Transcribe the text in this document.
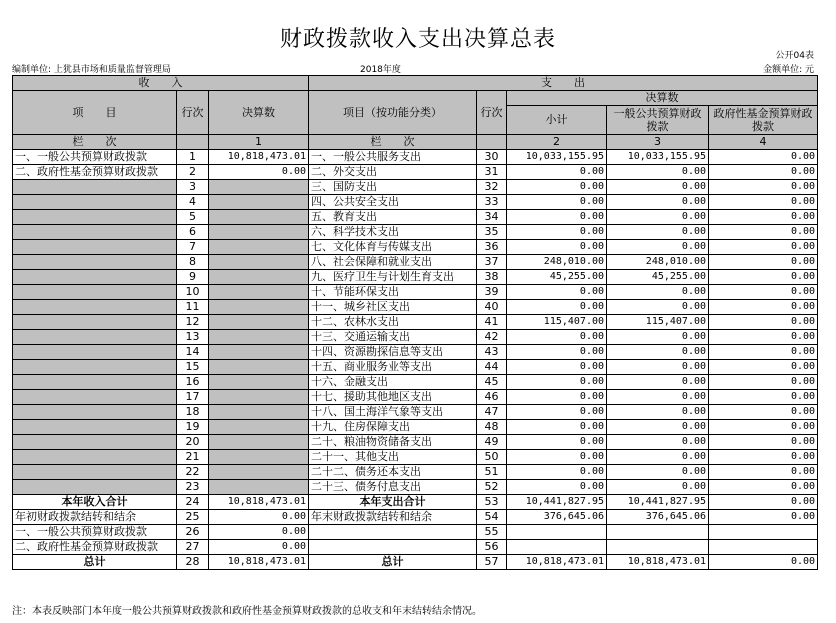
财政拨款收入支出决算总表
公开04表
编制单位: 上犹县市场和质量监督管理局	2018年度	金额单位: 元
收　　入			支　　出				
项　　目	行次	决算数	项目（按功能分类）	行次	决算数		
					小计	一般公共预算财政拨款	政府性基金预算财政拨款
栏　　次		1	栏　　次		2	3	4
一、一般公共预算财政拨款	1	10,818,473.01	一、一般公共服务支出	30	10,033,155.95	10,033,155.95	0.00
二、政府性基金预算财政拨款	2	0.00	二、外交支出	31	0.00	0.00	0.00
	3		三、国防支出	32	0.00	0.00	0.00
	4		四、公共安全支出	33	0.00	0.00	0.00
	5		五、教育支出	34	0.00	0.00	0.00
	6		六、科学技术支出	35	0.00	0.00	0.00
	7		七、文化体育与传媒支出	36	0.00	0.00	0.00
	8		八、社会保障和就业支出	37	248,010.00	248,010.00	0.00
	9		九、医疗卫生与计划生育支出	38	45,255.00	45,255.00	0.00
	10		十、节能环保支出	39	0.00	0.00	0.00
	11		十一、城乡社区支出	40	0.00	0.00	0.00
	12		十二、农林水支出	41	115,407.00	115,407.00	0.00
	13		十三、交通运输支出	42	0.00	0.00	0.00
	14		十四、资源勘探信息等支出	43	0.00	0.00	0.00
	15		十五、商业服务业等支出	44	0.00	0.00	0.00
	16		十六、金融支出	45	0.00	0.00	0.00
	17		十七、援助其他地区支出	46	0.00	0.00	0.00
	18		十八、国土海洋气象等支出	47	0.00	0.00	0.00
	19		十九、住房保障支出	48	0.00	0.00	0.00
	20		二十、粮油物资储备支出	49	0.00	0.00	0.00
	21		二十一、其他支出	50	0.00	0.00	0.00
	22		二十二、债务还本支出	51	0.00	0.00	0.00
	23		二十三、债务付息支出	52	0.00	0.00	0.00
本年收入合计	24	10,818,473.01	本年支出合计	53	10,441,827.95	10,441,827.95	0.00
年初财政拨款结转和结余	25	0.00	年末财政拨款结转和结余	54	376,645.06	376,645.06	0.00
一、一般公共预算财政拨款	26	0.00		55			
二、政府性基金预算财政拨款	27	0.00		56			
总计	28	10,818,473.01	总计	57	10,818,473.01	10,818,473.01	0.00
注：本表反映部门本年度一般公共预算财政拨款和政府性基金预算财政拨款的总收支和年末结转结余情况。
